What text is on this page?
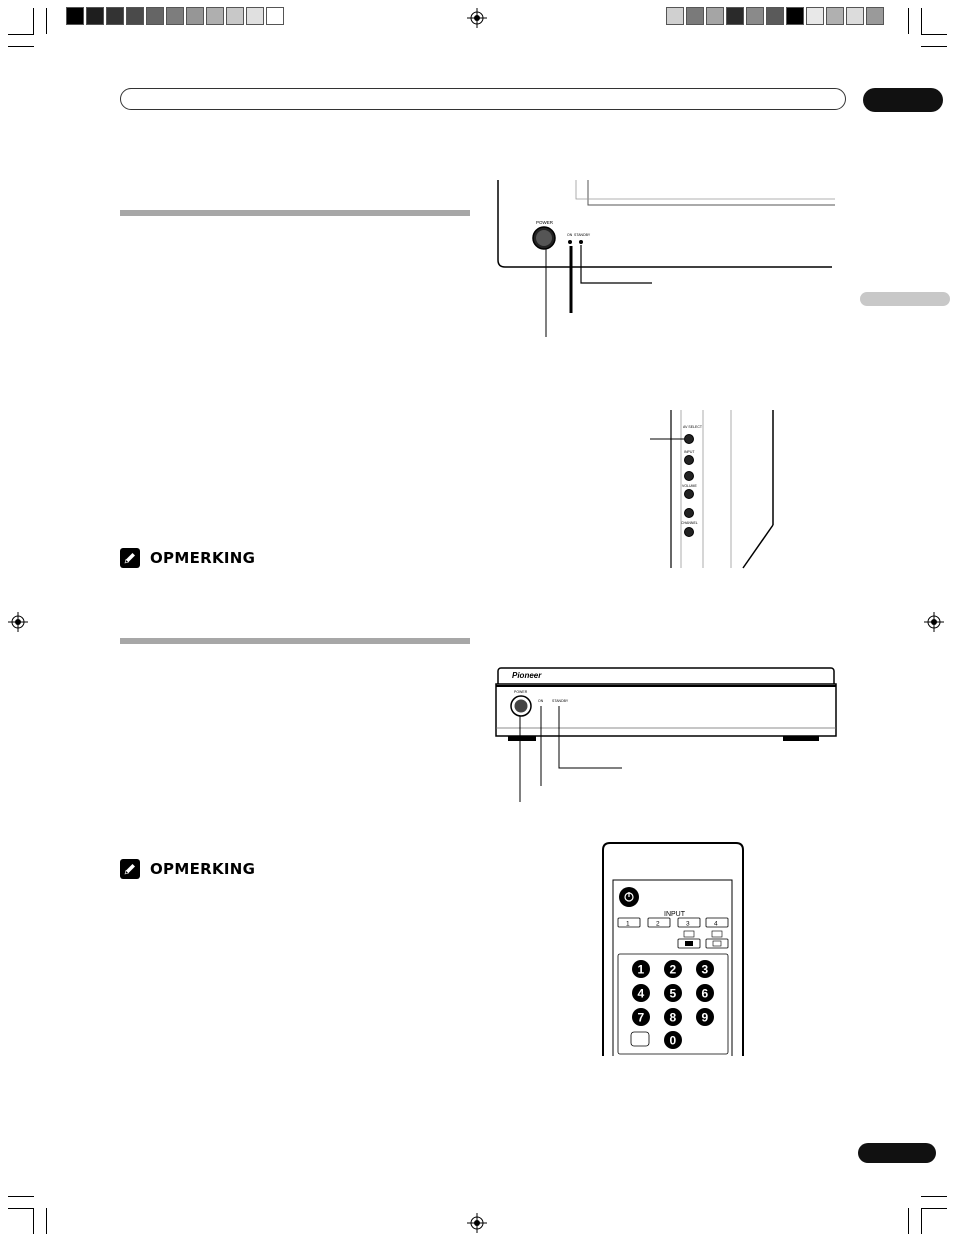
OPMERKING
OPMERKING
POWER
ON STANDBY
AV SELECT
INPUT
VOLUME
CHANNEL
Pioneer
POWER
ON	STANDBY
INPUT
1	2	3	4
1 2 3
4 5 6
7 8 9
0
